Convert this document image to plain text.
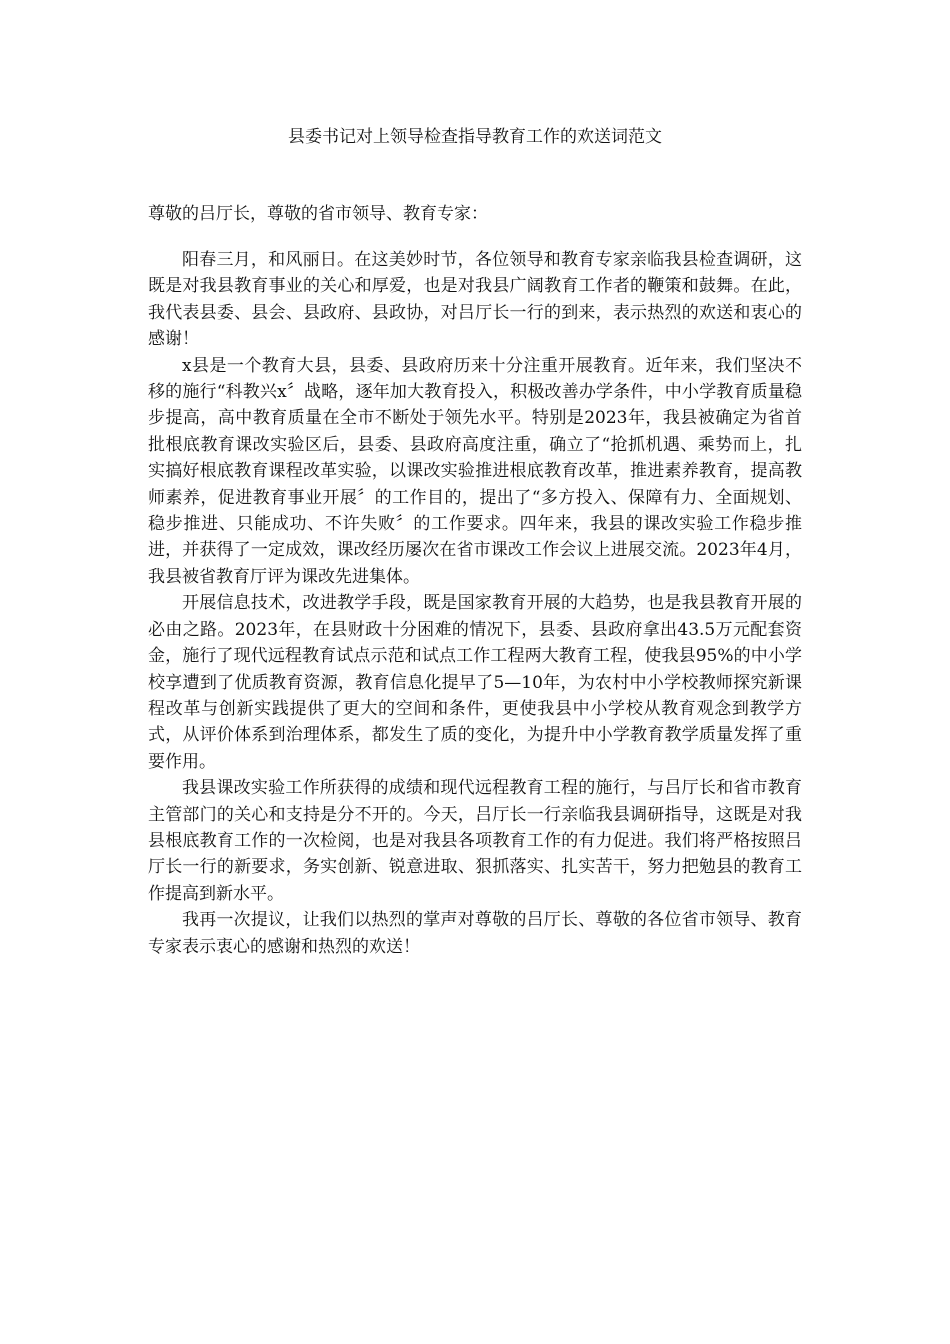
县委书记对上领导检查指导教育工作的欢送词范文

尊敬的吕厅长，尊敬的省市领导、教育专家：

阳春三月，和风丽日。在这美妙时节，各位领导和教育专家亲临我县检查调研，这既是对我县教育事业的关心和厚爱，也是对我县广阔教育工作者的鞭策和鼓舞。在此，我代表县委、县会、县政府、县政协，对吕厅长一行的到来，表示热烈的欢送和衷心的感谢！

x县是一个教育大县，县委、县政府历来十分注重开展教育。近年来，我们坚决不移的施行“科教兴x〞战略，逐年加大教育投入，积极改善办学条件，中小学教育质量稳步提高，高中教育质量在全市不断处于领先水平。特别是2023年，我县被确定为省首批根底教育课改实验区后，县委、县政府高度注重，确立了“抢抓机遇、乘势而上，扎实搞好根底教育课程改革实验，以课改实验推进根底教育改革，推进素养教育，提高教师素养，促进教育事业开展〞的工作目的，提出了“多方投入、保障有力、全面规划、稳步推进、只能成功、不许失败〞的工作要求。四年来，我县的课改实验工作稳步推进，并获得了一定成效，课改经历屡次在省市课改工作会议上进展交流。2023年4月，我县被省教育厅评为课改先进集体。

开展信息技术，改进教学手段，既是国家教育开展的大趋势，也是我县教育开展的必由之路。2023年，在县财政十分困难的情况下，县委、县政府拿出43.5万元配套资金，施行了现代远程教育试点示范和试点工作工程两大教育工程，使我县95%的中小学校享遭到了优质教育资源，教育信息化提早了5—10年，为农村中小学校教师探究新课程改革与创新实践提供了更大的空间和条件，更使我县中小学校从教育观念到教学方式，从评价体系到治理体系，都发生了质的变化，为提升中小学教育教学质量发挥了重要作用。

我县课改实验工作所获得的成绩和现代远程教育工程的施行，与吕厅长和省市教育主管部门的关心和支持是分不开的。今天，吕厅长一行亲临我县调研指导，这既是对我县根底教育工作的一次检阅，也是对我县各项教育工作的有力促进。我们将严格按照吕厅长一行的新要求，务实创新、锐意进取、狠抓落实、扎实苦干，努力把勉县的教育工作提高到新水平。

我再一次提议，让我们以热烈的掌声对尊敬的吕厅长、尊敬的各位省市领导、教育专家表示衷心的感谢和热烈的欢送！
